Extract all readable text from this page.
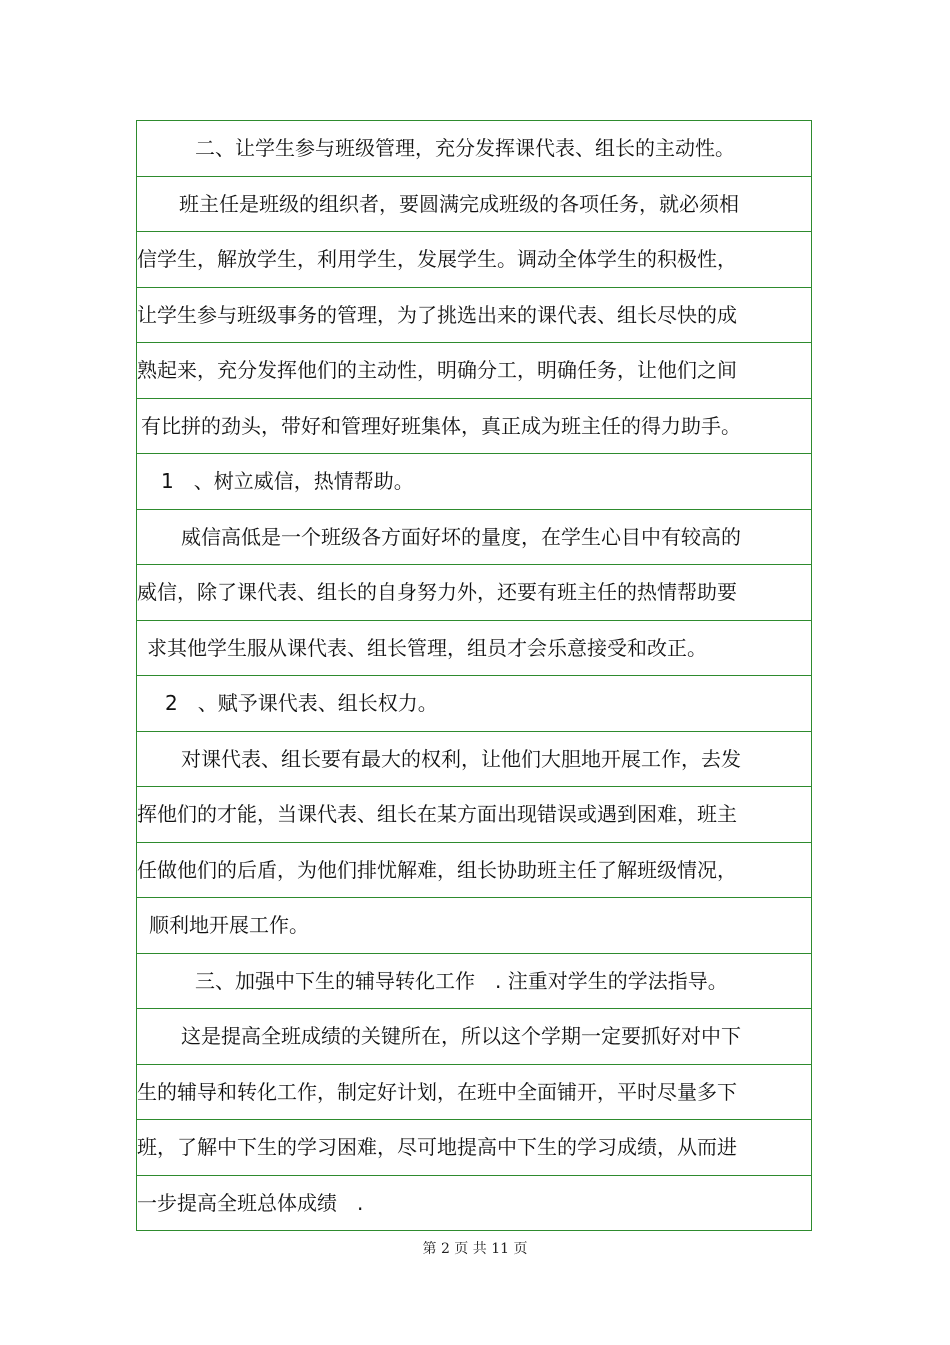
二、让学生参与班级管理，充分发挥课代表、组长的主动性。
班主任是班级的组织者，要圆满完成班级的各项任务，就必须相
信学生，解放学生，利用学生，发展学生。调动全体学生的积极性，
让学生参与班级事务的管理，为了挑选出来的课代表、组长尽快的成
熟起来，充分发挥他们的主动性，明确分工，明确任务，让他们之间
有比拼的劲头，带好和管理好班集体，真正成为班主任的得力助手。
1　、树立威信，热情帮助。
威信高低是一个班级各方面好坏的量度，在学生心目中有较高的
威信，除了课代表、组长的自身努力外，还要有班主任的热情帮助要
求其他学生服从课代表、组长管理，组员才会乐意接受和改正。
2　、赋予课代表、组长权力。
对课代表、组长要有最大的权利，让他们大胆地开展工作，去发
挥他们的才能，当课代表、组长在某方面出现错误或遇到困难，班主
任做他们的后盾，为他们排忧解难，组长协助班主任了解班级情况，
顺利地开展工作。
三、加强中下生的辅导转化工作　. 注重对学生的学法指导。
这是提高全班成绩的关键所在，所以这个学期一定要抓好对中下
生的辅导和转化工作，制定好计划，在班中全面铺开，平时尽量多下
班，了解中下生的学习困难，尽可地提高中下生的学习成绩，从而进
一步提高全班总体成绩　.
第 2 页 共 11 页
